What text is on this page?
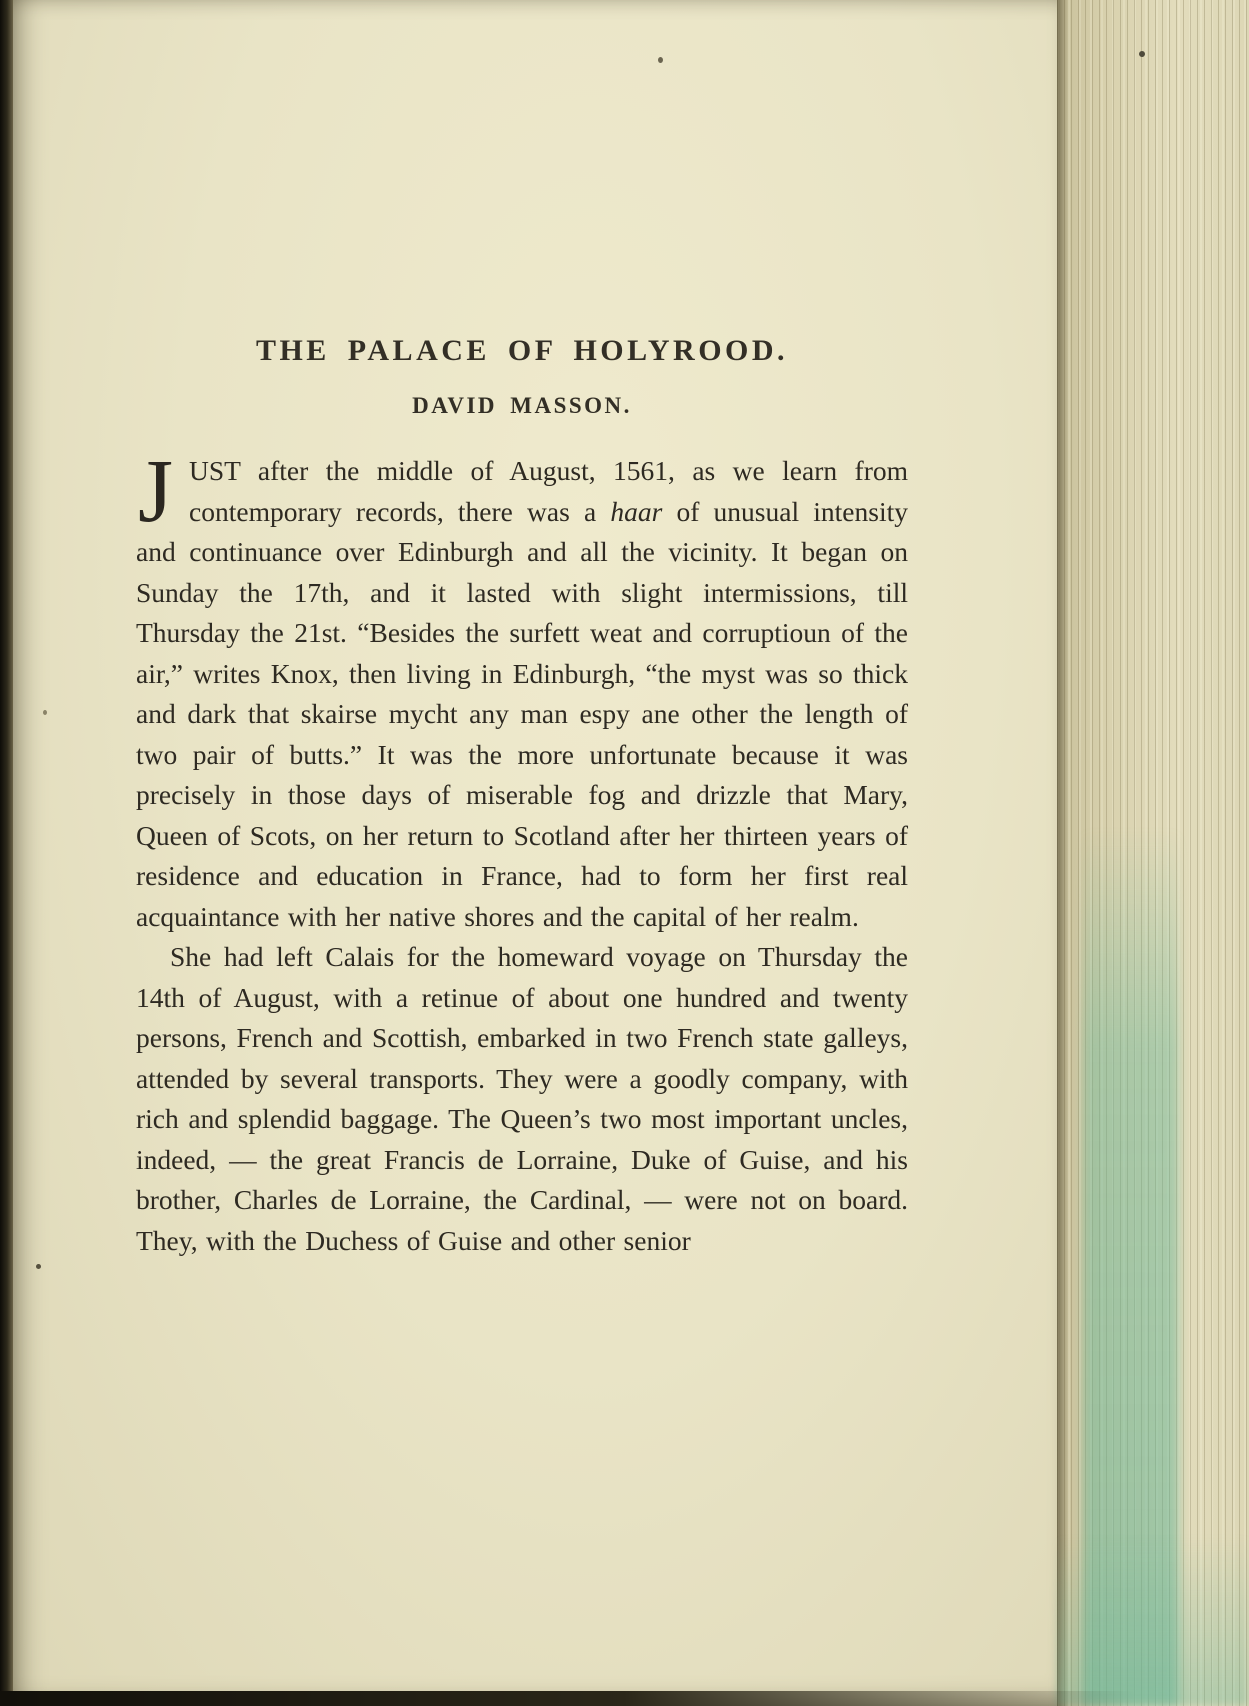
THE PALACE OF HOLYROOD.
DAVID MASSON.

JUST after the middle of August, 1561, as we learn from contemporary records, there was a haar of unusual intensity and continuance over Edinburgh and all the vicinity. It began on Sunday the 17th, and it lasted with slight intermissions, till Thursday the 21st. “Besides the surfett weat and corruptioun of the air,” writes Knox, then living in Edinburgh, “the myst was so thick and dark that skairse mycht any man espy ane other the length of two pair of butts.” It was the more unfortunate because it was precisely in those days of miserable fog and drizzle that Mary, Queen of Scots, on her return to Scotland after her thirteen years of residence and education in France, had to form her first real acquaintance with her native shores and the capital of her realm.

She had left Calais for the homeward voyage on Thursday the 14th of August, with a retinue of about one hundred and twenty persons, French and Scottish, embarked in two French state galleys, attended by several transports. They were a goodly company, with rich and splendid baggage. The Queen’s two most important uncles, indeed, — the great Francis de Lorraine, Duke of Guise, and his brother, Charles de Lorraine, the Cardinal, — were not on board. They, with the Duchess of Guise and other senior
